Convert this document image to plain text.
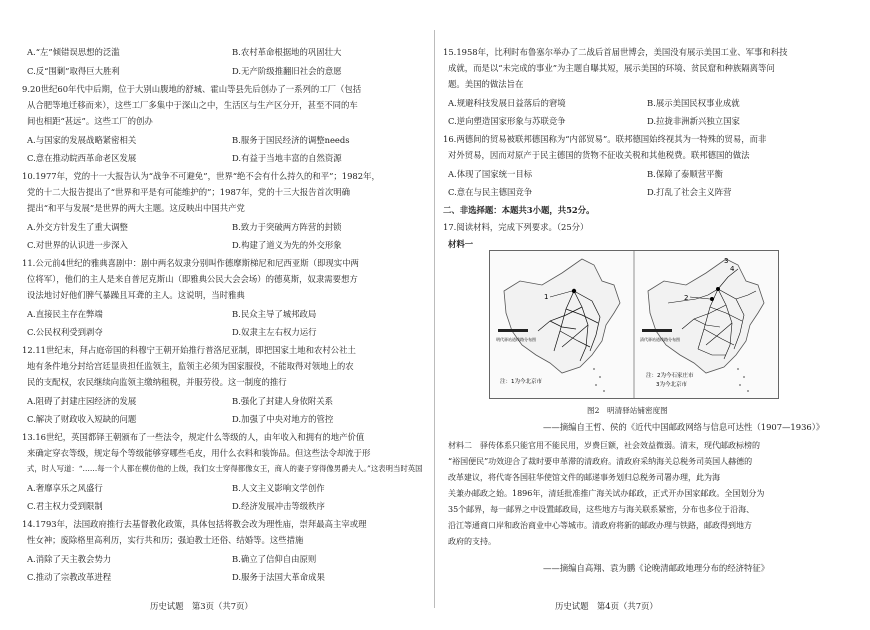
A.“左”倾错误思想的泛滥	B.农村革命根据地的巩固壮大
C.反“围剿”取得巨大胜利	D.无产阶级推翻旧社会的意愿
9.20世纪60年代中后期，位于大别山腹地的舒城、霍山等县先后创办了一系列的工厂（包括
从合肥等地迁移而来），这些工厂多集中于深山之中，生活区与生产区分开，甚至不同的车
间也相距“甚远”。这些工厂的创办
A.与国家的发展战略紧密相关	B.服务于国民经济的调整needs
C.意在推动皖西革命老区发展	D.有益于当地丰富的自然资源
10.1977年，党的十一大报告认为“战争不可避免”，世界“绝不会有什么持久的和平”；1982年，
党的十二大报告提出了“世界和平是有可能维护的”；1987年，党的十三大报告首次明确
提出“和平与发展”是世界的两大主题。这反映出中国共产党
A.外交方针发生了重大调整	B.致力于突破两方阵营的封锁
C.对世界的认识进一步深入	D.构建了道义为先的外交形象
11.公元前4世纪的雅典喜剧中：剧中两名奴隶分别叫作德摩斯梯尼和尼西亚斯（即现实中两
位将军），他们的主人是来自普尼克斯山（即雅典公民大会会场）的德莫斯，奴隶需要想方
设法地讨好他们脾气暴躁且耳聋的主人。这说明，当时雅典
A.直接民主存在弊端	B.民众主导了城邦政局
C.公民权利受到剥夺	D.奴隶主左右权力运行
12.11世纪末，拜占庭帝国的科穆宁王朝开始推行普洛尼亚制，即把国家土地和农村公社土
地有条件地分封给宫廷显贵担任监领主，监领主必须为国家服役，不能取得对领地上的农
民的支配权，农民继续向监领主缴纳租税，并服劳役。这一制度的推行
A.阻碍了封建庄园经济的发展	B.强化了封建人身依附关系
C.解决了财政收入短缺的问题	D.加强了中央对地方的管控
13.16世纪，英国都铎王朝颁布了一些法令，规定什么等级的人，由年收入和拥有的地产价值
来确定穿衣等级，规定每个等级能够穿哪些毛皮，用什么衣料和装饰品。但这些法令却流于形
式，时人写道：“……每一个人都在模仿他的上级，我们女士穿得都像女王，商人的妻子穿得像男爵夫人。”这表明当时英国
A.奢靡享乐之风盛行	B.人文主义影响文学创作
C.君主权力受到限制	D.经济发展冲击等级秩序
14.1793年，法国政府推行去基督教化政策，具体包括将教会改为理性庙，崇拜最高主宰或理
性女神；废除格里高利历，实行共和历；强迫教士还俗、结婚等。这些措施
A.消除了天主教会势力	B.确立了信仰自由原则
C.推动了宗教改革进程	D.服务于法国大革命成果
历史试题　第3页（共7页）
15.1958年，比利时布鲁塞尔举办了二战后首届世博会，美国没有展示美国工业、军事和科技
成就，而是以“未完成的事业”为主题自曝其短，展示美国的环境、贫民窟和种族隔离等问
题。美国的做法旨在
A.规避科技发展日益落后的窘境	B.展示美国民权事业成就
C.逆向塑造国家形象与苏联竞争	D.拉拢非洲新兴独立国家
16.两德间的贸易被联邦德国称为“内部贸易”。联邦德国始终视其为一特殊的贸易，而非
对外贸易，因而对原产于民主德国的货物不征收关税和其他税费。联邦德国的做法
A.体现了国家统一目标	B.保障了泰顺营平衡
C.意在与民主德国竞争	D.打乱了社会主义阵营
二、非选择题：本题共3小题，共52分。
17.阅读材料，完成下列要求。（25分）
材料一
1
明代驿站道线路分布图
注：1为今北京市
2
3
4
清代驿站道线路分布图
注：2为今石家庄市
3为今北京市
图2　明清驿站铺密度图
——摘编自王哲、侯的《近代中国邮政网络与信息可达性（1907—1936）》
材料二　驿传体系只能官用不能民用，岁费巨额，社会效益微弱。清末，现代邮政标榜的
“裕国便民”功效迎合了裁时要申革滞的清政府。清政府采纳海关总税务司英国人赫德的
改革建议，将代寄各国驻华使馆文件的邮递事务划归总税务司署办理，此为海
关兼办邮政之始。1896年，清廷批准推广海关试办邮政，正式开办国家邮政。全国划分为
35个邮界，每一邮界之中设置邮政局，这些地方与海关联系紧密，分布也多位于沿海、
沿江等通商口岸和政治商业中心等城市。清政府将新的邮政办理与铁路，邮政得到地方
政府的支持。
——摘编自高翔、袁为鹏《论晚清邮政地理分布的经济特征》
历史试题　第4页（共7页）
